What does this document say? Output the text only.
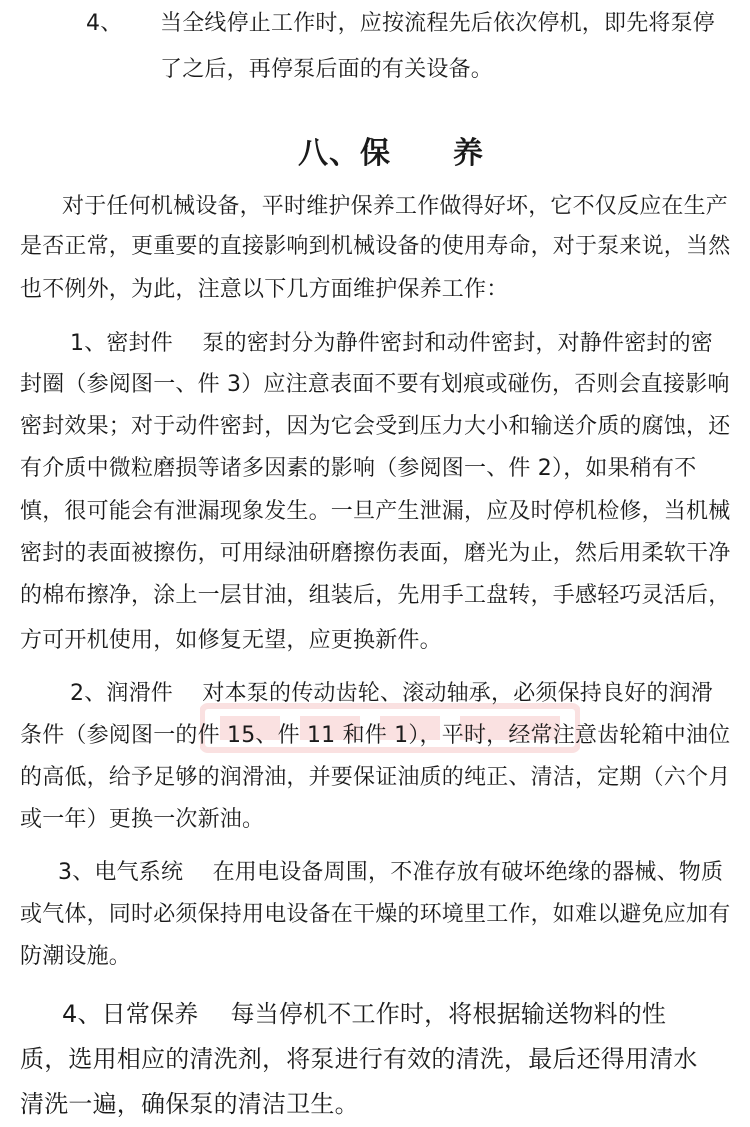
4、 当全线停止工作时，应按流程先后依次停机，即先将泵停
了之后，再停泵后面的有关设备。
八、保　　养
对于任何机械设备，平时维护保养工作做得好坏，它不仅反应在生产
是否正常，更重要的直接影响到机械设备的使用寿命，对于泵来说，当然
也不例外，为此，注意以下几方面维护保养工作：
1、密封件　 泵的密封分为静件密封和动件密封，对静件密封的密
封圈（参阅图一、件 3）应注意表面不要有划痕或碰伤，否则会直接影响
密封效果；对于动件密封，因为它会受到压力大小和输送介质的腐蚀，还
有介质中微粒磨损等诸多因素的影响（参阅图一、件 2），如果稍有不
慎，很可能会有泄漏现象发生。一旦产生泄漏，应及时停机检修，当机械
密封的表面被擦伤，可用绿油研磨擦伤表面，磨光为止，然后用柔软干净
的棉布擦净，涂上一层甘油，组装后，先用手工盘转，手感轻巧灵活后，
方可开机使用，如修复无望，应更换新件。
2、润滑件　 对本泵的传动齿轮、滚动轴承，必须保持良好的润滑
条件（参阅图一的件 15、件 11 和件 1），平时，经常注意齿轮箱中油位
的高低，给予足够的润滑油，并要保证油质的纯正、清洁，定期（六个月
或一年）更换一次新油。
3、电气系统　 在用电设备周围，不准存放有破坏绝缘的器械、物质
或气体，同时必须保持用电设备在干燥的环境里工作，如难以避免应加有
防潮设施。
4、日常保养　 每当停机不工作时，将根据输送物料的性
质，选用相应的清洗剂，将泵进行有效的清洗，最后还得用清水
清洗一遍，确保泵的清洁卫生。
